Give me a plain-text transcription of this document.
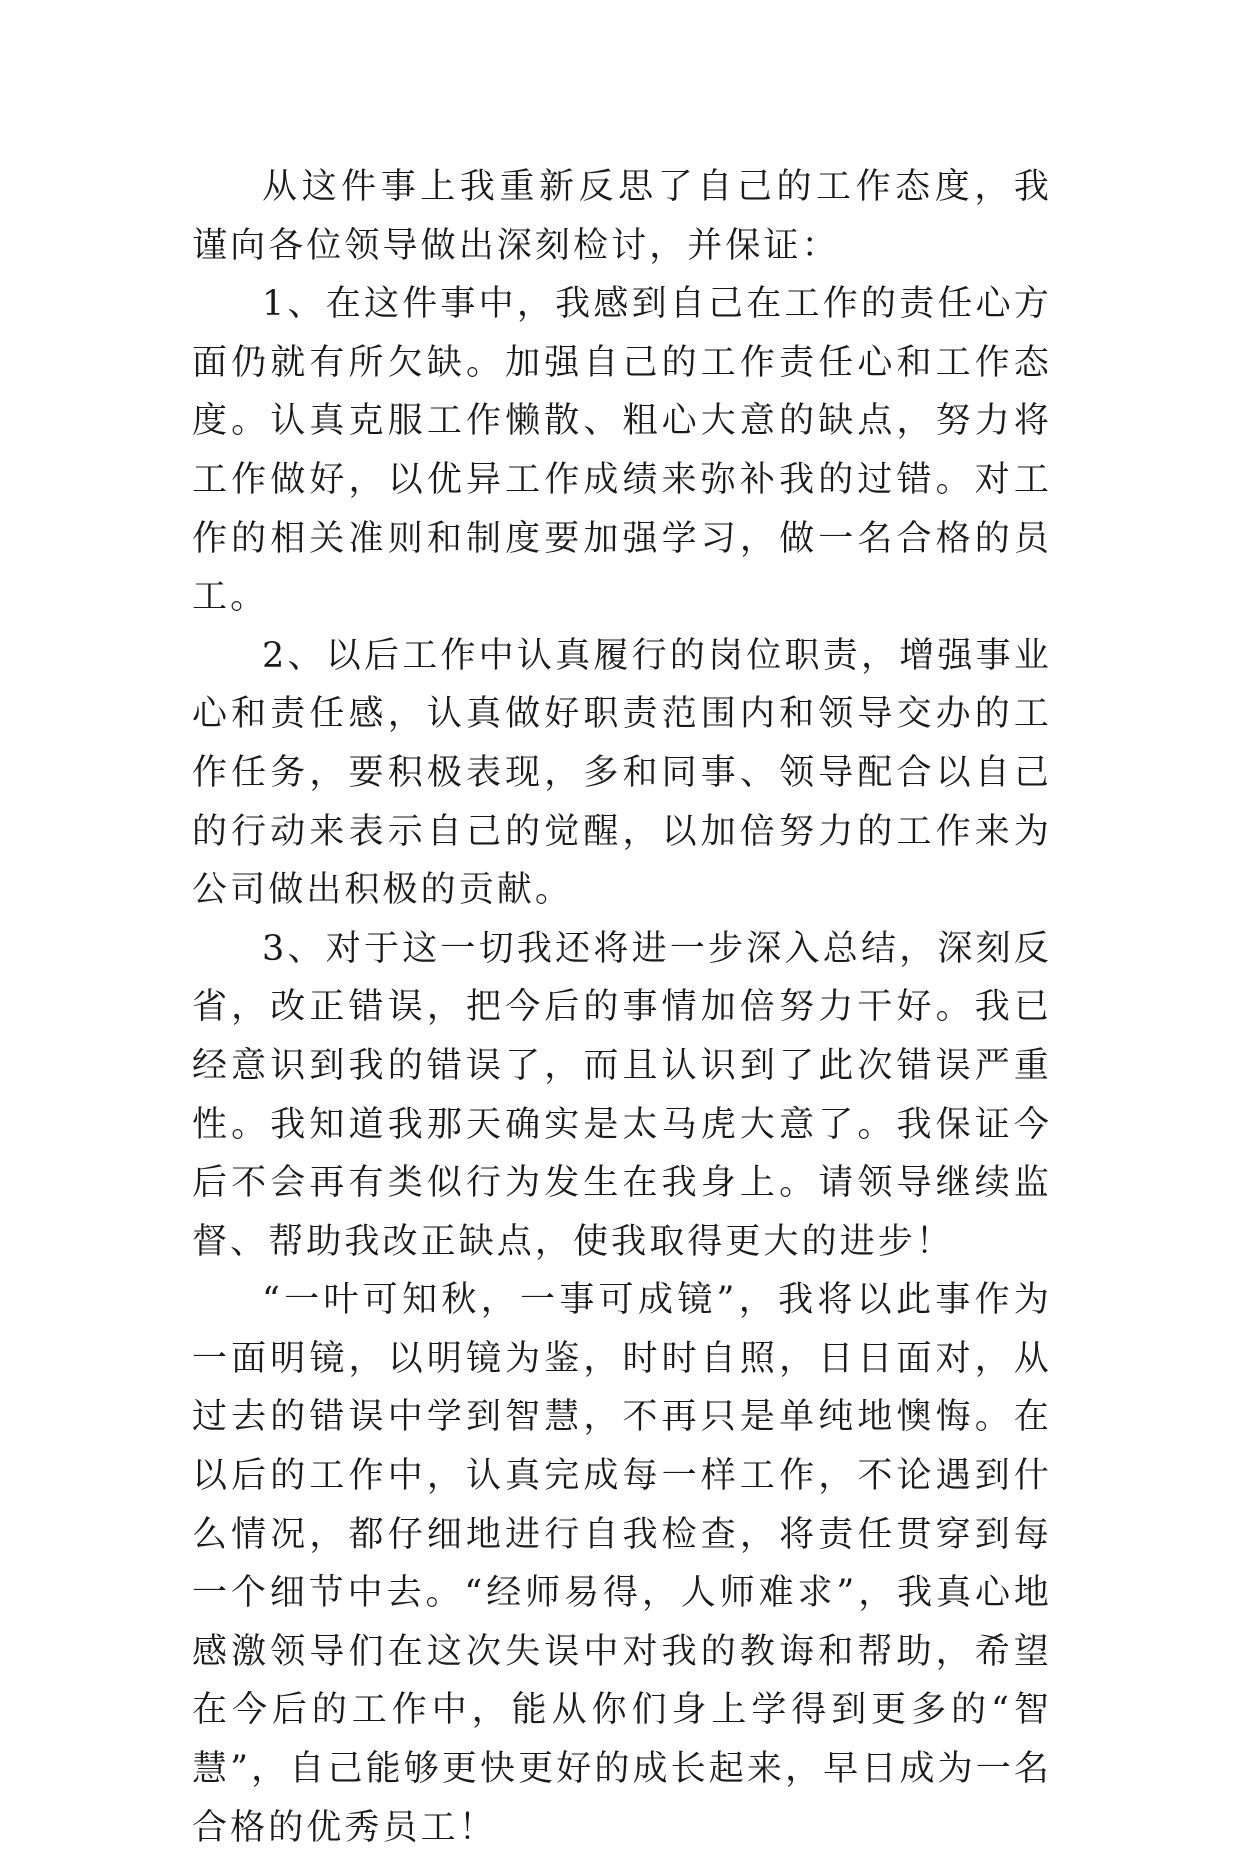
从这件事上我重新反思了自己的工作态度，我谨向各位领导做出深刻检讨，并保证：

1、在这件事中，我感到自己在工作的责任心方面仍就有所欠缺。加强自己的工作责任心和工作态度。认真克服工作懒散、粗心大意的缺点，努力将工作做好，以优异工作成绩来弥补我的过错。对工作的相关准则和制度要加强学习，做一名合格的员工。

2、以后工作中认真履行的岗位职责，增强事业心和责任感，认真做好职责范围内和领导交办的工作任务，要积极表现，多和同事、领导配合以自己的行动来表示自己的觉醒，以加倍努力的工作来为公司做出积极的贡献。

3、对于这一切我还将进一步深入总结，深刻反省，改正错误，把今后的事情加倍努力干好。我已经意识到我的错误了，而且认识到了此次错误严重性。我知道我那天确实是太马虎大意了。我保证今后不会再有类似行为发生在我身上。请领导继续监督、帮助我改正缺点，使我取得更大的进步！

“一叶可知秋，一事可成镜”，我将以此事作为一面明镜，以明镜为鉴，时时自照，日日面对，从过去的错误中学到智慧，不再只是单纯地懊悔。在以后的工作中，认真完成每一样工作，不论遇到什么情况，都仔细地进行自我检查，将责任贯穿到每一个细节中去。“经师易得，人师难求”，我真心地感激领导们在这次失误中对我的教诲和帮助，希望在今后的工作中，能从你们身上学得到更多的“智慧”，自己能够更快更好的成长起来，早日成为一名合格的优秀员工！
